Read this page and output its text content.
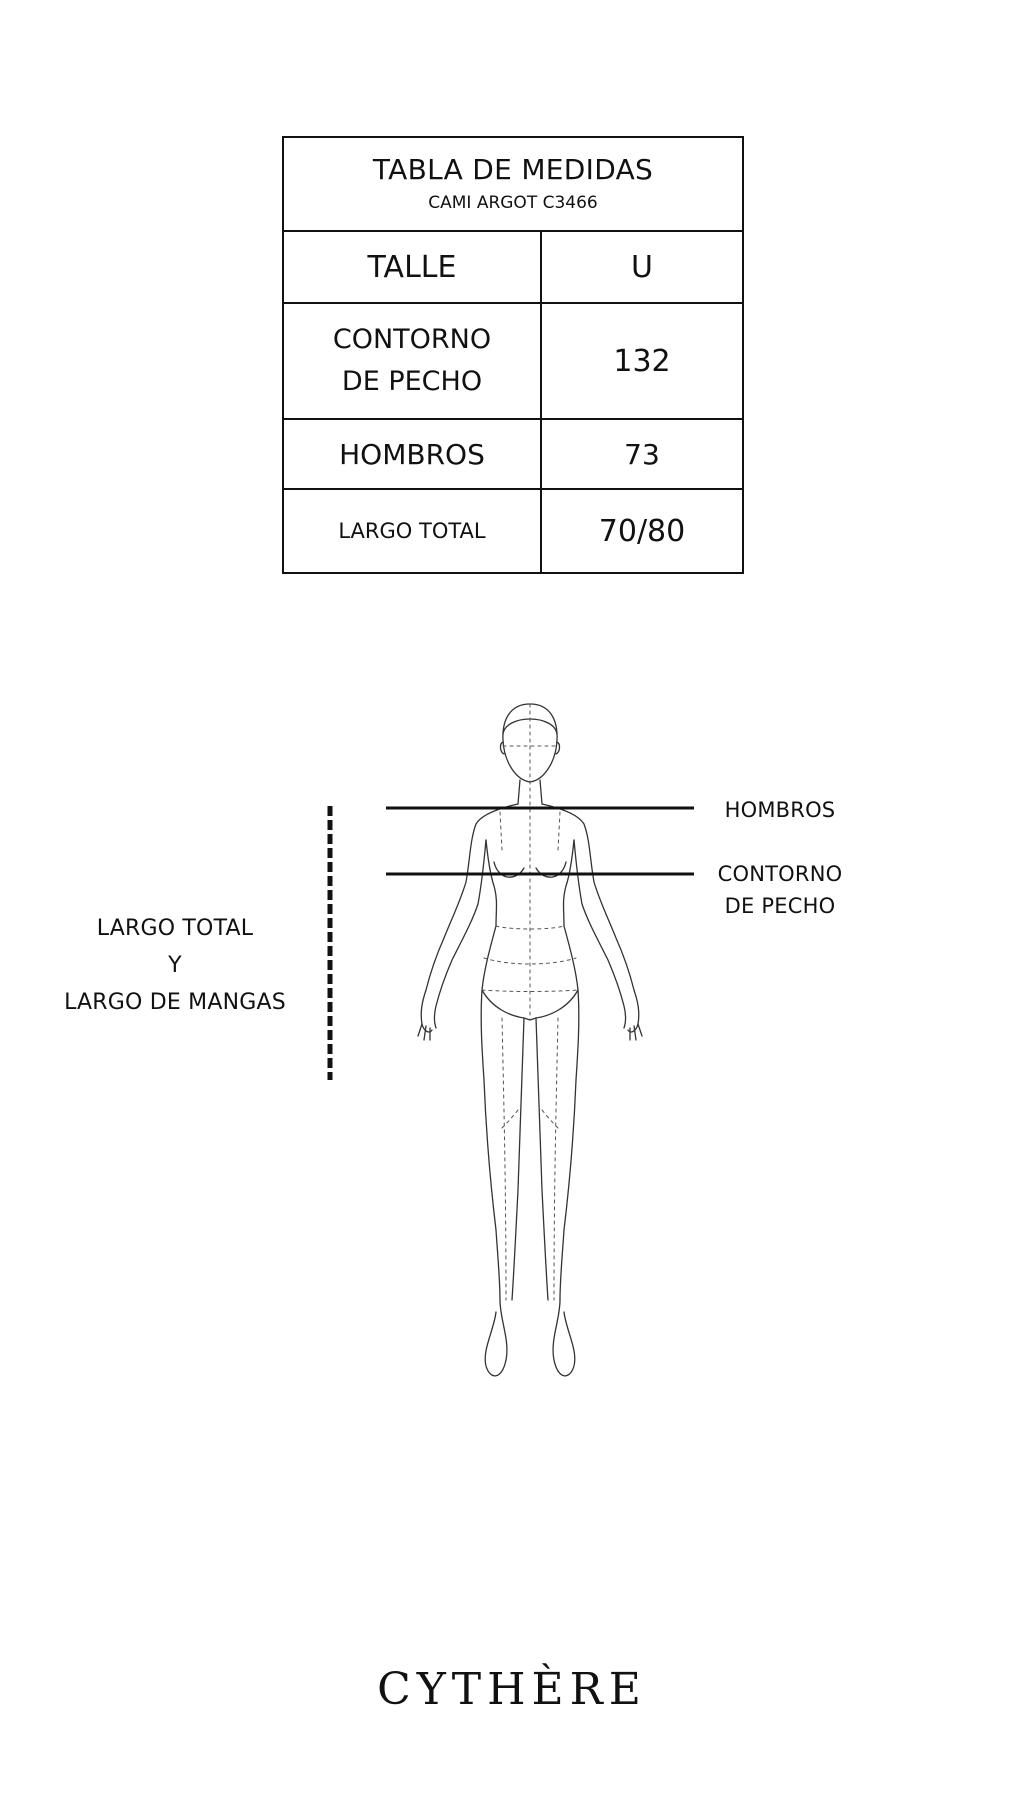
TABLA DE MEDIDAS
CAMI ARGOT C3466	

TALLE	U

CONTORNO
DE PECHO	132
HOMBROS	73
LARGO TOTAL	70/80
HOMBROS
CONTORNO
DE PECHO
LARGO TOTAL
Y
LARGO DE MANGAS
CYTHÈRE
